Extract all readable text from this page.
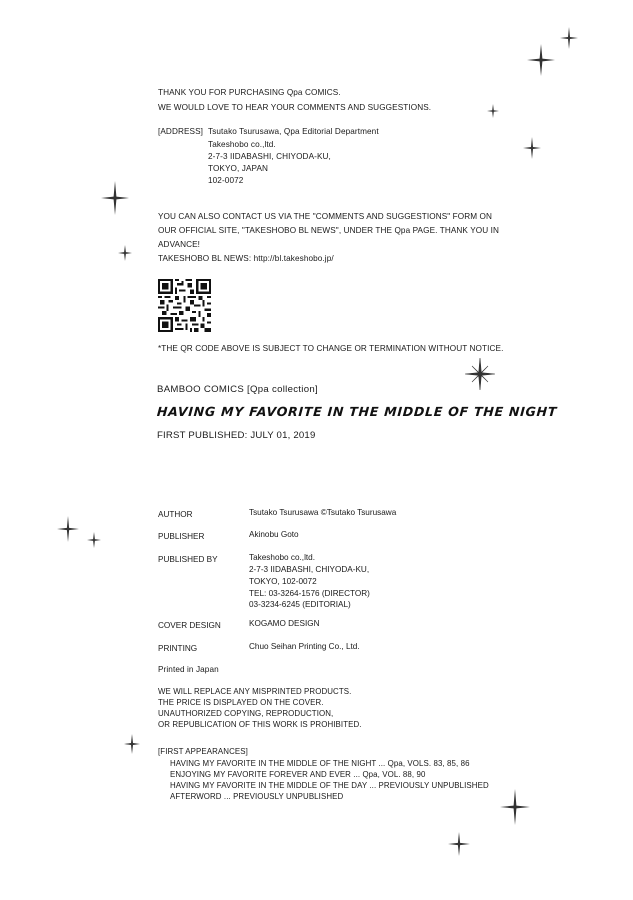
THANK YOU FOR PURCHASING Qpa COMICS.
WE WOULD LOVE TO HEAR YOUR COMMENTS AND SUGGESTIONS.
[ADDRESS] Tsutako Tsurusawa, Qpa Editorial Department
Takeshobo co.,ltd.
2-7-3 IIDABASHI, CHIYODA-KU,
TOKYO, JAPAN
102-0072
YOU CAN ALSO CONTACT US VIA THE "COMMENTS AND SUGGESTIONS" FORM ON
OUR OFFICIAL SITE, "TAKESHOBO BL NEWS", UNDER THE Qpa PAGE. THANK YOU IN
ADVANCE!
TAKESHOBO BL NEWS: http://bl.takeshobo.jp/
*THE QR CODE ABOVE IS SUBJECT TO CHANGE OR TERMINATION WITHOUT NOTICE.
BAMBOO COMICS [Qpa collection]
HAVING MY FAVORITE IN THE MIDDLE OF THE NIGHT
FIRST PUBLISHED: JULY 01, 2019
AUTHOR	Tsutako Tsurusawa ©Tsutako Tsurusawa
PUBLISHER	Akinobu Goto
PUBLISHED BY	Takeshobo co.,ltd.
2-7-3 IIDABASHI, CHIYODA-KU,
TOKYO, 102-0072
TEL: 03-3264-1576 (DIRECTOR)
03-3234-6245 (EDITORIAL)
COVER DESIGN	KOGAMO DESIGN
PRINTING	Chuo Seihan Printing Co., Ltd.
Printed in Japan
WE WILL REPLACE ANY MISPRINTED PRODUCTS.
THE PRICE IS DISPLAYED ON THE COVER.
UNAUTHORIZED COPYING, REPRODUCTION,
OR REPUBLICATION OF THIS WORK IS PROHIBITED.
[FIRST APPEARANCES]
HAVING MY FAVORITE IN THE MIDDLE OF THE NIGHT ... Qpa, VOLS. 83, 85, 86
ENJOYING MY FAVORITE FOREVER AND EVER ... Qpa, VOL. 88, 90
HAVING MY FAVORITE IN THE MIDDLE OF THE DAY ... PREVIOUSLY UNPUBLISHED
AFTERWORD ... PREVIOUSLY UNPUBLISHED
